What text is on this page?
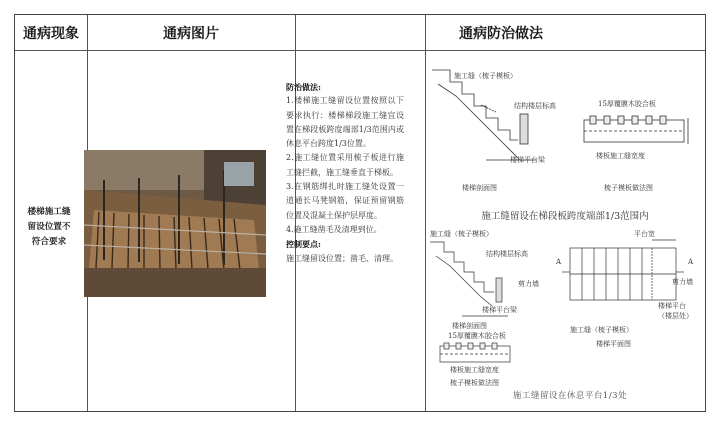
通病现象	通病图片	通病防治做法
楼梯施工缝
留设位置不
符合要求

防治做法:

1.楼梯施工缝留设位置按照以下要求执行：楼梯梯段施工缝宜设置在梯段板跨度端部1/3范围内或休息平台跨度1/3位置。

2.施工缝位置采用梳子板进行施工缝拦截，施工缝垂直于梯板。

3.在钢筋绑扎时施工缝处设置一道通长马凳钢筋，保证预留钢筋位置及混凝土保护层厚度。

4.施工缝凿毛及清理到位。

控制要点:

施工缝留设位置；凿毛、清理。

施工缝（梳子模板）
结构楼层标高
楼梯平台梁
楼梯剖面图
15厚覆膜木胶合板
楼板施工缝宽度
梳子模板做法图
施工缝（梳子模板）
结构楼层标高
楼梯平台梁
剪力墙
楼梯剖面图
平台宽
A	A
楼梯平台
（楼层处）
剪力墙
施工缝（梳子模板）
楼梯平面图
15厚覆膜木胶合板
楼板施工缝宽度
梳子模板做法图
施工缝留设在梯段板跨度端部1/3范围内
施工缝留设在休息平台1/3处
